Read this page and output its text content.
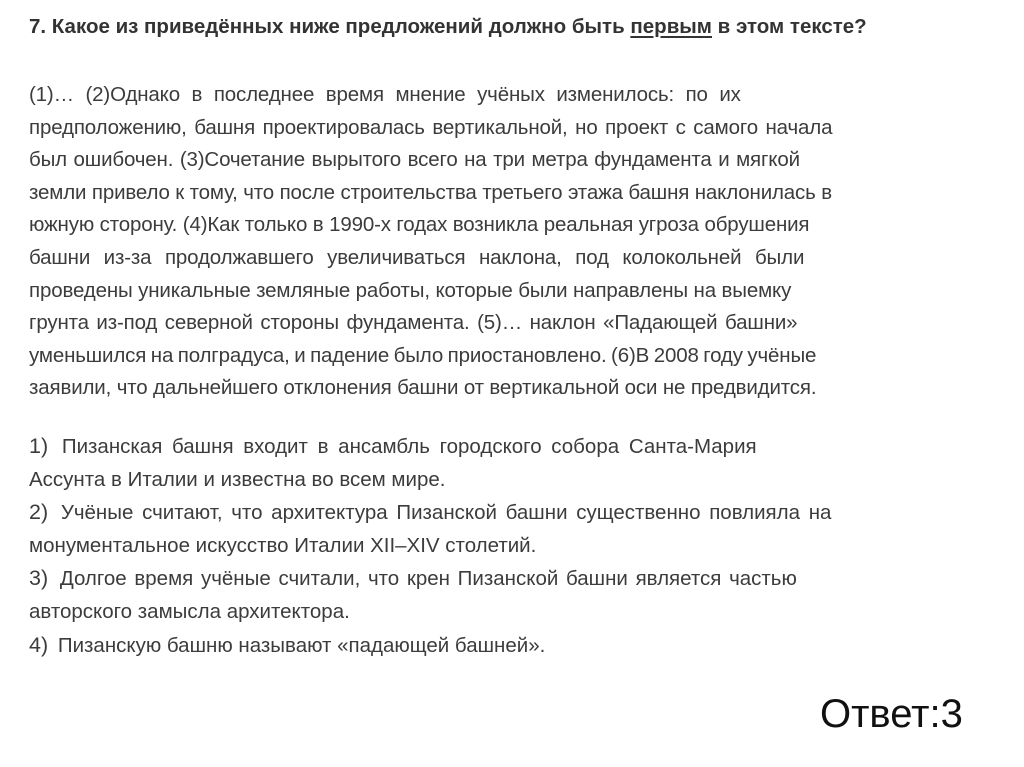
7. Какое из приведённых ниже предложений должно быть первым в этом тексте?
(1)… (2)Однако в последнее время мнение учёных изменилось: по их
предположению, башня проектировалась вертикальной, но проект с самого начала
был ошибочен. (3)Сочетание вырытого всего на три метра фундамента и мягкой
земли привело к тому, что после строительства третьего этажа башня наклонилась в
южную сторону. (4)Как только в 1990-х годах возникла реальная угроза обрушения
башни из-за продолжавшего увеличиваться наклона, под колокольней были
проведены уникальные земляные работы, которые были направлены на выемку
грунта из-под северной стороны фундамента. (5)… наклон «Падающей башни»
уменьшился на полградуса, и падение было приостановлено. (6)В 2008 году учёные
заявили, что дальнейшего отклонения башни от вертикальной оси не предвидится.
1) Пизанская башня входит в ансамбль городского собора Санта-Мария
Ассунта в Италии и известна во всем мире.
2) Учёные считают, что архитектура Пизанской башни существенно повлияла на
монументальное искусство Италии XII–XIV столетий.
3) Долгое время учёные считали, что крен Пизанской башни является частью
авторского замысла архитектора.
4) Пизанскую башню называют «падающей башней».
Ответ:3
